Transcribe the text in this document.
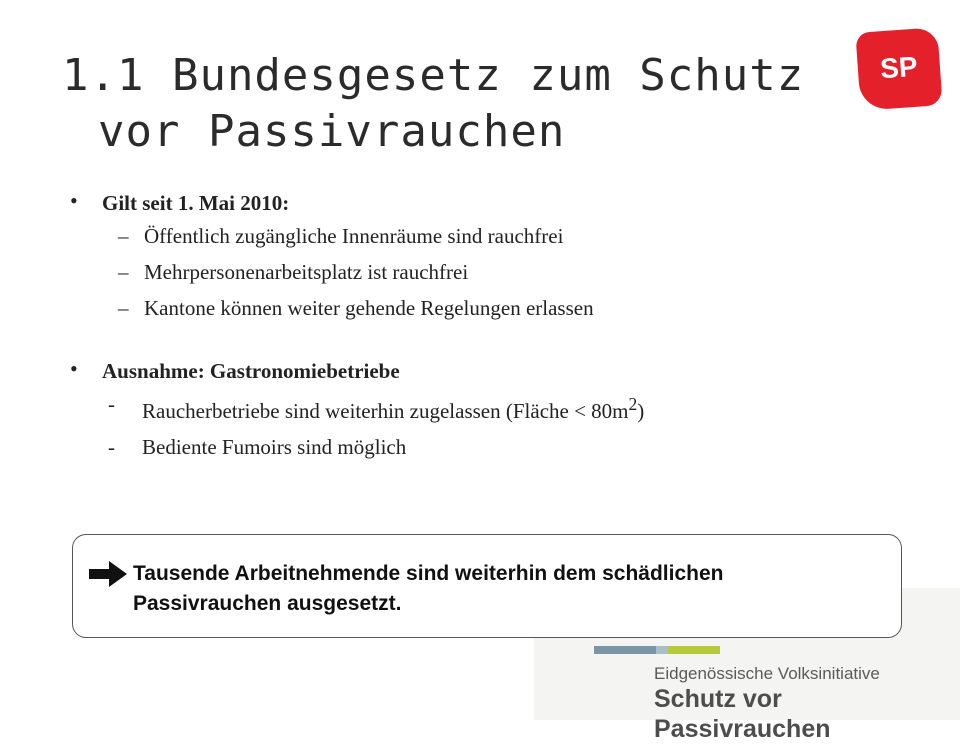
1.1 Bundesgesetz zum Schutz
vor Passivrauchen
SP
• Gilt seit 1. Mai 2010:
– Öffentlich zugängliche Innenräume sind rauchfrei
– Mehrpersonenarbeitsplatz ist rauchfrei
– Kantone können weiter gehende Regelungen erlassen
• Ausnahme: Gastronomiebetriebe
- Raucherbetriebe sind weiterhin zugelassen (Fläche < $80m^2$)
- Bediente Fumoirs sind möglich
Tausende Arbeitnehmende sind weiterhin dem schädlichen
Passivrauchen ausgesetzt.
Eidgenössische Volksinitiative
Schutz vor Passivrauchen
